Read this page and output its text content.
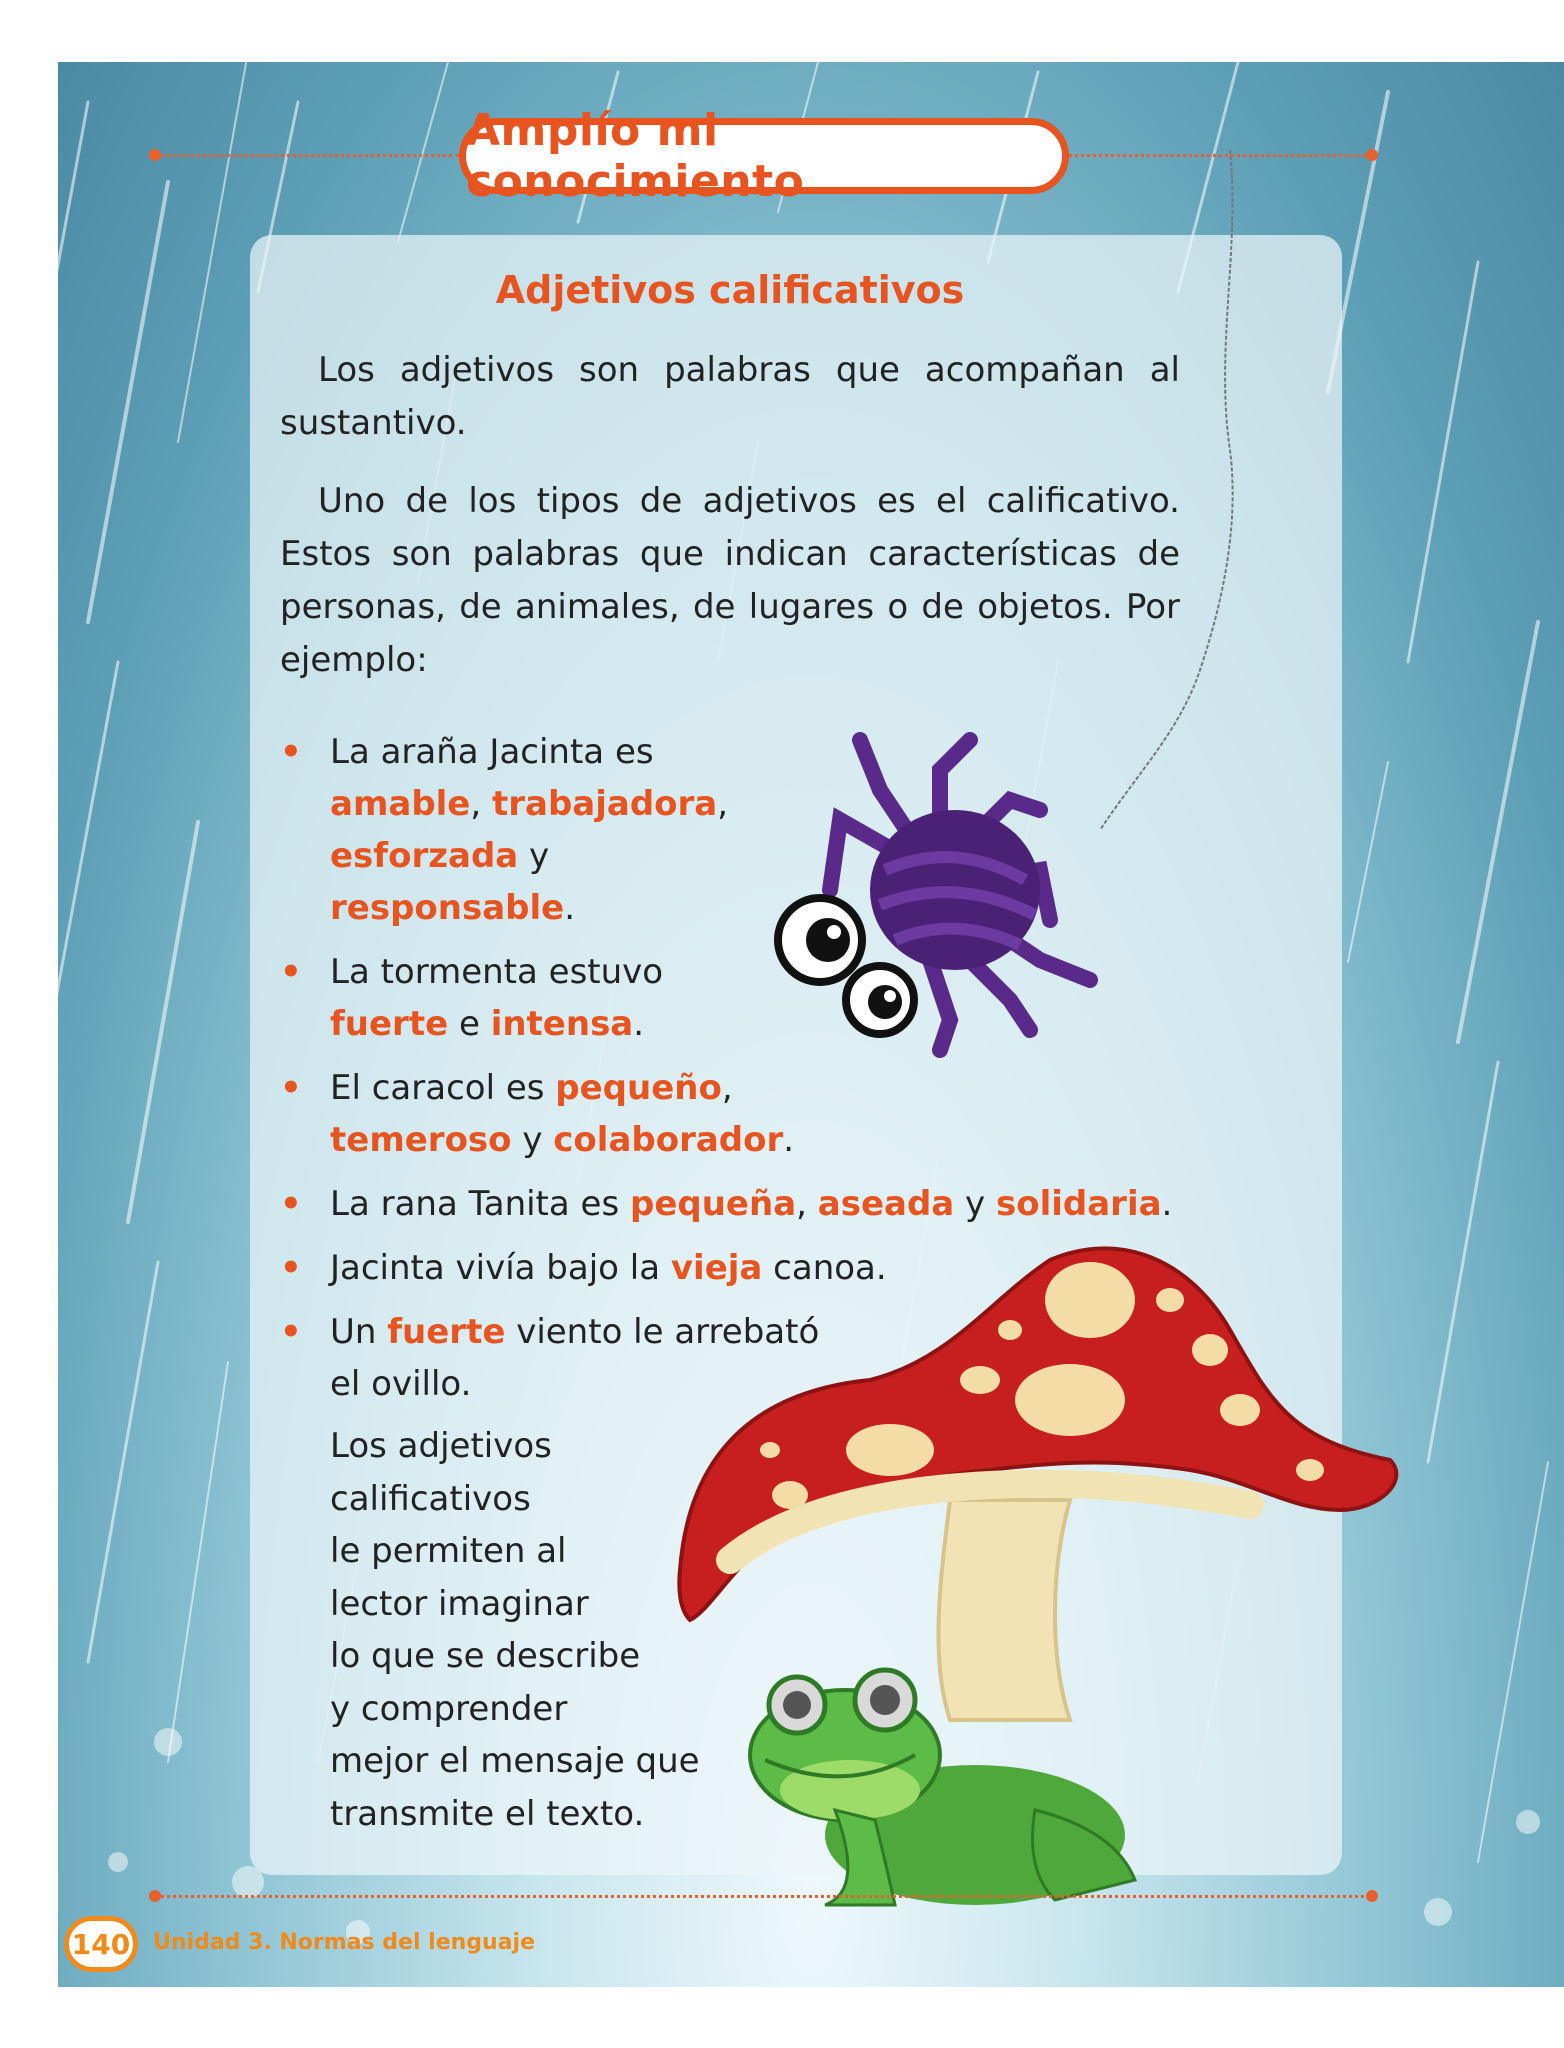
Amplío mi conocimiento
Adjetivos calificativos
Los adjetivos son palabras que acompañan al sustantivo.
Uno de los tipos de adjetivos es el calificativo. Estos son palabras que indican características de personas, de animales, de lugares o de objetos. Por ejemplo:
• La araña Jacinta es amable, trabajadora,
esforzada y
responsable.
• La tormenta estuvo
fuerte e intensa.
• El caracol es pequeño,
temeroso y colaborador.
• La rana Tanita es pequeña, aseada y solidaria.
• Jacinta vivía bajo la vieja canoa.
• Un fuerte viento le arrebató
el ovillo.
Los adjetivos
calificativos
le permiten al
lector imaginar
lo que se describe
y comprender
mejor el mensaje que
transmite el texto.
140 Unidad 3. Normas del lenguaje
